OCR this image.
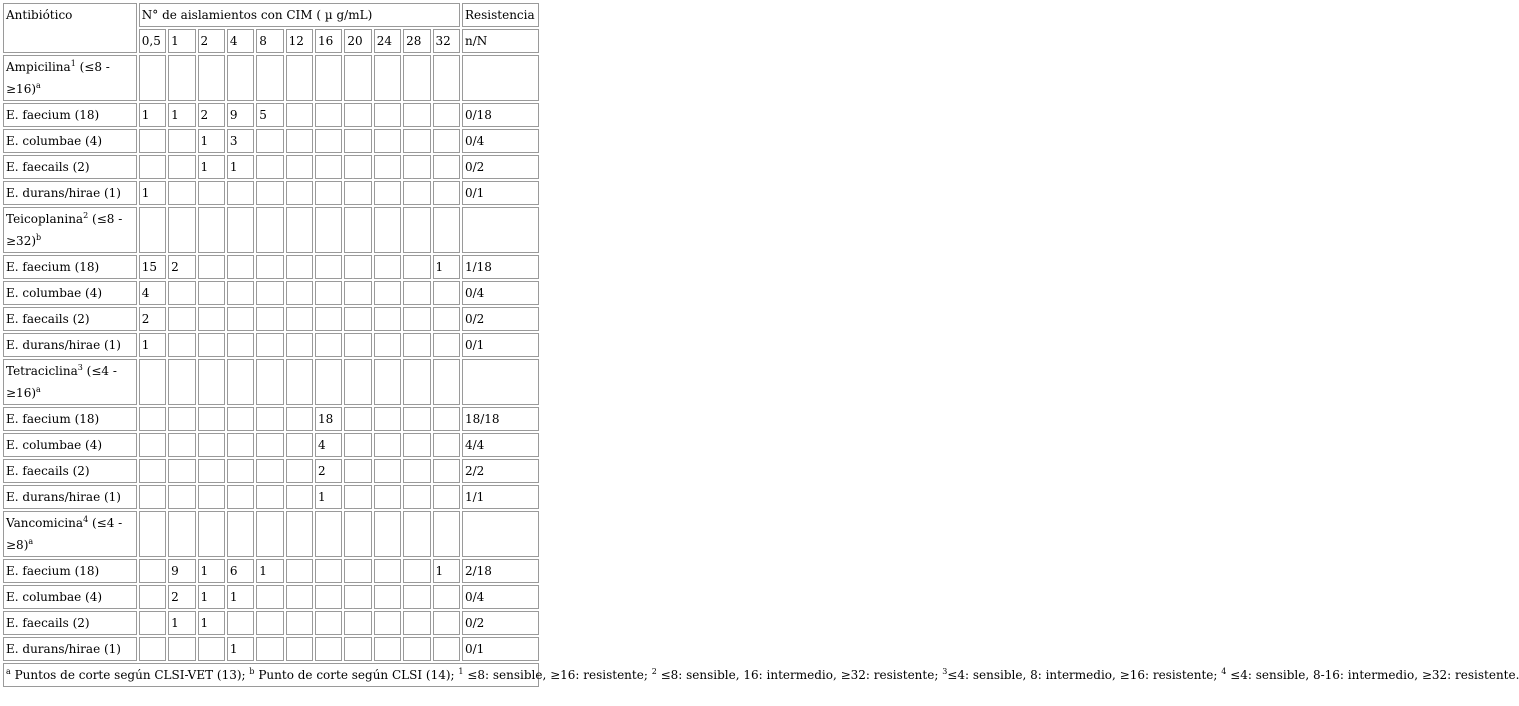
Antibiótico	N° de aislamientos con CIM ( µ g/mL)											Resistencia
	0,5	1	2	4	8	12	16	20	24	28	32	n/N
Ampicilina$^1$ (≤8 -
≥16)$^a$												
E. faecium (18)	1	1	2	9	5							0/18
E. columbae (4)			1	3								0/4
E. faecails (2)			1	1								0/2
E. durans/hirae (1)	1											0/1
Teicoplanina$^2$ (≤8 -
≥32)$^b$												
E. faecium (18)	15	2									1	1/18
E. columbae (4)	4											0/4
E. faecails (2)	2											0/2
E. durans/hirae (1)	1											0/1
Tetraciclina$^3$ (≤4 -
≥16)$^a$												
E. faecium (18)							18					18/18
E. columbae (4)							4					4/4
E. faecails (2)							2					2/2
E. durans/hirae (1)							1					1/1
Vancomicina$^4$ (≤4 -
≥8)$^a$												
E. faecium (18)		9	1	6	1						1	2/18
E. columbae (4)		2	1	1								0/4
E. faecails (2)		1	1									0/2
E. durans/hirae (1)				1								0/1
$^a$ Puntos de corte según CLSI-VET (13); $^b$ Punto de corte según CLSI (14); $^1$ ≤8: sensible, ≥16: resistente; $^2$ ≤8: sensible, 16: intermedio, ≥32: resistente; $^3$≤4: sensible, 8: intermedio, ≥16: resistente; $^4$ ≤4: sensible, 8-16: intermedio, ≥32: resistente.												
